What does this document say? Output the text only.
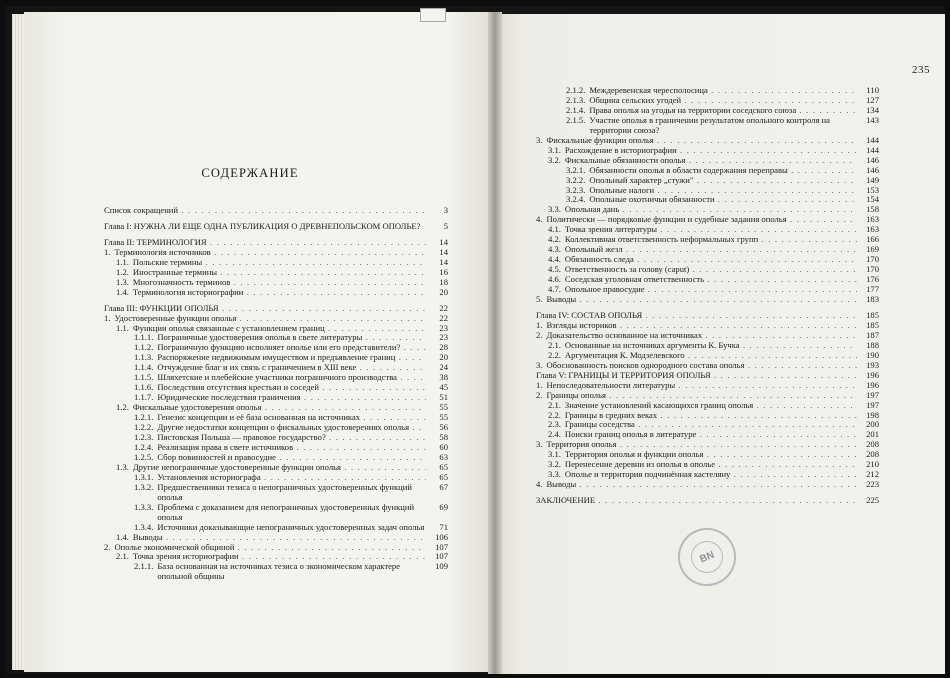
235
СОДЕРЖАНИЕ
Список сокращений . . .	3
Глава I: НУЖНА ЛИ ЕЩЕ ОДНА ПУБЛИКАЦИЯ О ДРЕВНЕПОЛЬСКОМ ОПОЛЬЕ?	5
Глава II: ТЕРМИНОЛОГИЯ . . .	14
1. Терминология источников . . .	14
1.1. Польские термины . . .	14
1.2. Иностранные термины . . .	16
1.3. Многозначность терминов . . .	18
1.4. Терминология историографии . . .	20
Глава III: ФУНКЦИИ ОПОЛЬЯ . . .	22
1. Удостоверенные функции ополья . . .	22
1.1. Функции ополья связанные с установлением границ . . .	23
1.1.1. Пограничные удостоверения ополья в свете литературы . . .	23
1.1.2. Пограничную функцию исполняет ополье или его представители? . . .	28
1.1.3. Распоряжение недвижимым имуществом и предъявление границ . . .	20
1.1.4. Отчуждение благ и их связь с граничением в XIII веке . . .	24
1.1.5. Шляхетские и плебейские участники пограничного производства . . .	38
1.1.6. Последствия отсутствия крестьян и соседей . . .	45
1.1.7. Юридические последствия граничения . . .	51
1.2. Фискальные удостоверения ополья . . .	55
1.2.1. Генезис концепции и её база основанная на источниках . . .	55
1.2.2. Другие недостатки концепции о фискальных удостоверениях ополья . . .	56
1.2.3. Пястовская Польша — правовое государство? . . .	58
1.2.4. Реализация права в свете источников . . .	60
1.2.5. Сбор повинностей и правосудие . . .	63
1.3. Другие непограничные удостоверенные функции ополья . . .	65
1.3.1. Установления историографа . . .	65
1.3.2. Предшественники тезиса о непограничных удостоверенных функций ополья
67
1.3.3. Проблема с доказанием для непограничных удостоверенных функций ополья
69
1.3.4. Источники доказывающие непограничных удостоверенных задач ополья	71
1.4. Выводы . . .	106
2. Ополье экономической общиной . . .	107
2.1. Точка зрения историографии . . .	107
2.1.1. База основанная на источниках тезиса о экономическом характере опольной общины
109
2.1.2. Междеревенская чересполосица . . .	110
2.1.3. Община сельских угодей . . .	127
2.1.4. Права ополья на угодья на территории соседского союза . . .	134
2.1.5. Участие ополья в граничении результатом опольного контроля на территории союза?
143
3. Фискальные функции ополья . . .	144
3.1. Расхождение в историографии . . .	144
3.2. Фискальные обязанности ополья . . .	146
3.2.1. Обязанности ополья в области содержания переправы . . .	146
3.2.2. Опольный характер „стужи" . . .	149
3.2.3. Опольные налоги . . .	153
3.2.4. Опольные охотничьи обязанности . . .	154
3.3. Опольная дань . . .	158
4. Политически — порядковые функции и судебные задания ополья . . .	163
4.1. Точка зрения литературы . . .	163
4.2. Коллективная ответственность неформальных групп . . .	166
4.3. Опольный жезл . . .	169
4.4. Обязанность следа . . .	170
4.5. Ответственность за голову (caput) . . .	170
4.6. Соседская уголовная ответственность . . .	176
4.7. Опольное правосудие . . .	177
5. Выводы . . .	183
Глава IV: СОСТАВ ОПОЛЬЯ . . .	185
1. Взгляды историков . . .	185
2. Доказательство основанное на источниках . . .	187
2.1. Основанные на источниках аргументы К. Бучка . . .	188
2.2. Аргументация К. Модзелевского . . .	190
3. Обоснованность поисков однородного состава ополья . . .	193
Глава V: ГРАНИЦЫ И ТЕРРИТОРИЯ ОПОЛЬЯ . . .	196
1. Непоследовательности литературы . . .	196
2. Границы ополья . . .	197
2.1. Значение установлений касающихся границ ополья . . .	197
2.2. Границы в средних веках . . .	198
2.3. Границы соседства . . .	200
2.4. Поиски границ ополья в литературе . . .	201
3. Территория ополья . . .	208
3.1. Территория ополья и функции ополья . . .	208
3.2. Перенесение деревни из ополья в ополье . . .	210
3.3. Ополье и территория подчинённая кастеляну . . .	212
4. Выводы . . .	223
ЗАКЛЮЧЕНИЕ . . .	225
BN
